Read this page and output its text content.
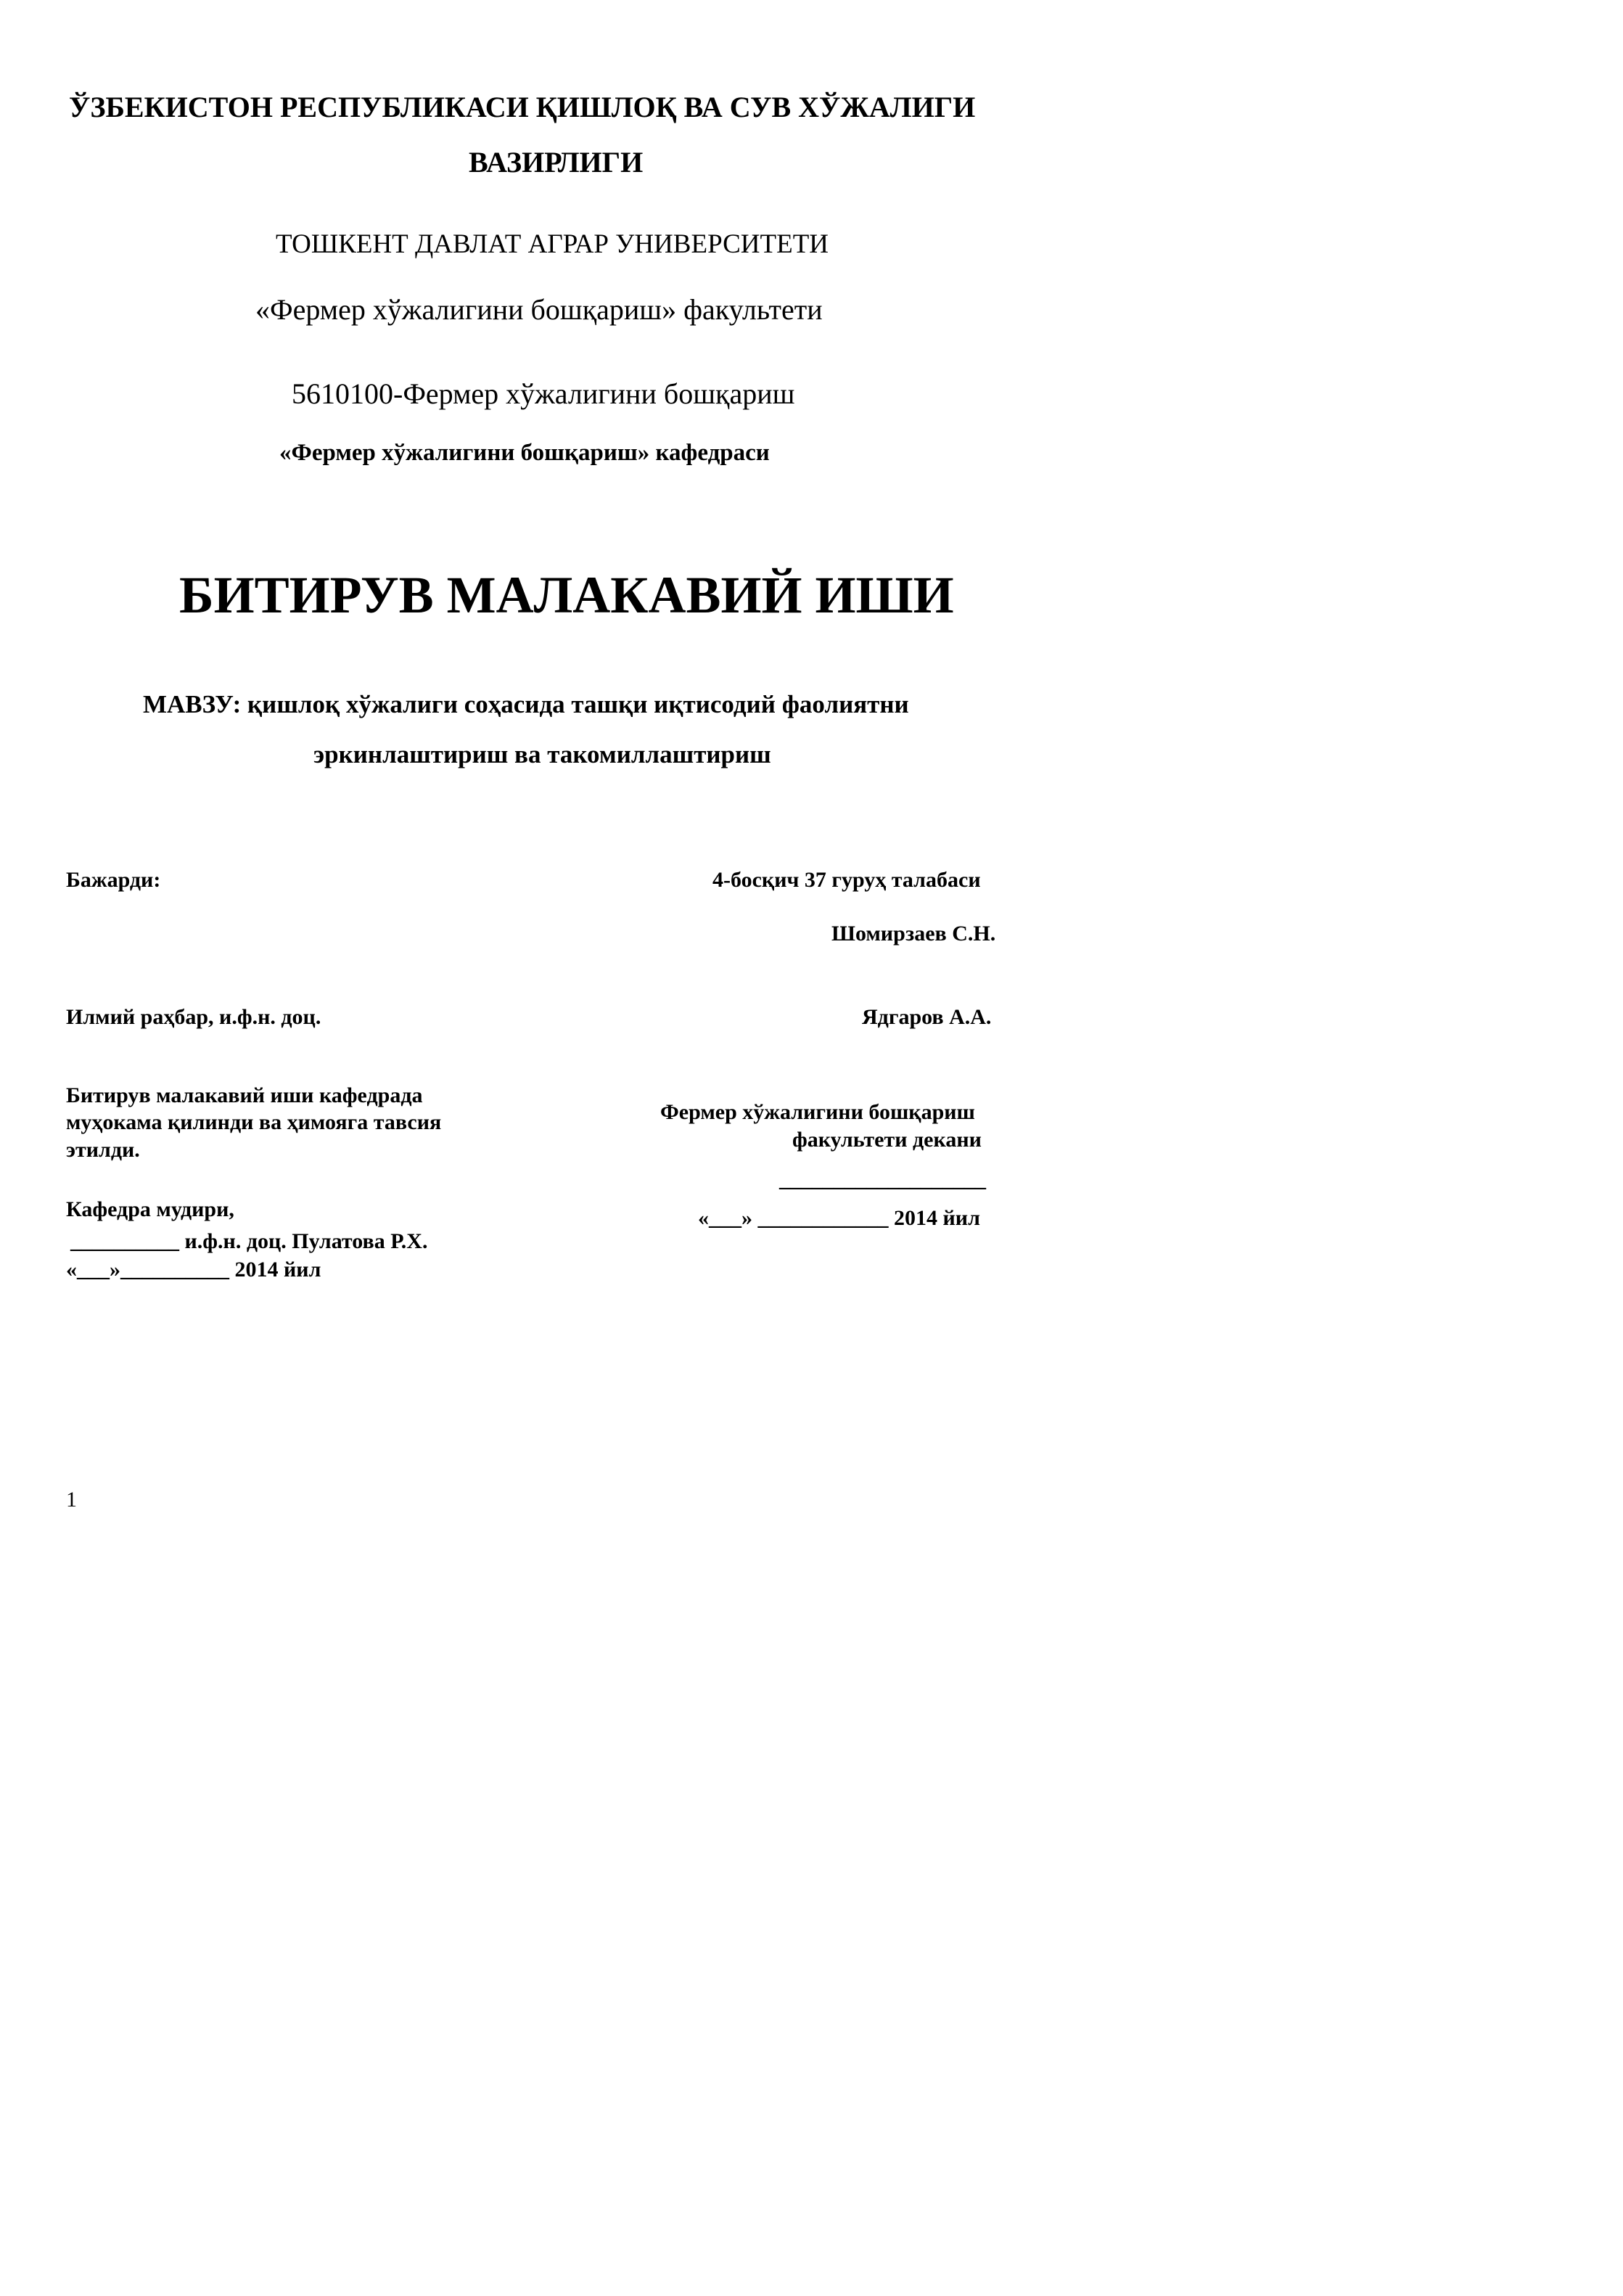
ЎЗБЕКИСТОН РЕСПУБЛИКАСИ ҚИШЛОҚ ВА СУВ ХЎЖАЛИГИ
ВАЗИРЛИГИ
ТОШКЕНТ ДАВЛАТ АГРАР УНИВЕРСИТЕТИ
«Фермер хўжалигини бошқариш» факультети
5610100-Фермер хўжалигини бошқариш
«Фермер хўжалигини бошқариш» кафедраси
БИТИРУВ МАЛАКАВИЙ ИШИ
МАВЗУ: қишлоқ хўжалиги соҳасида ташқи иқтисодий фаолиятни
эркинлаштириш ва такомиллаштириш
Бажарди:	4-босқич 37 гуруҳ талабаси
Шомирзаев С.Н.
Илмий раҳбар, и.ф.н. доц.	Ядгаров А.А.
Битирув малакавий иши кафедрада
муҳокама қилинди ва ҳимояга тавсия
этилди.
Кафедра мудири,
__________ и.ф.н. доц. Пулатова Р.Х.
«___»__________ 2014 йил
Фермер хўжалигини бошқариш
факультети декани
___________________
«___» ____________ 2014 йил
1
